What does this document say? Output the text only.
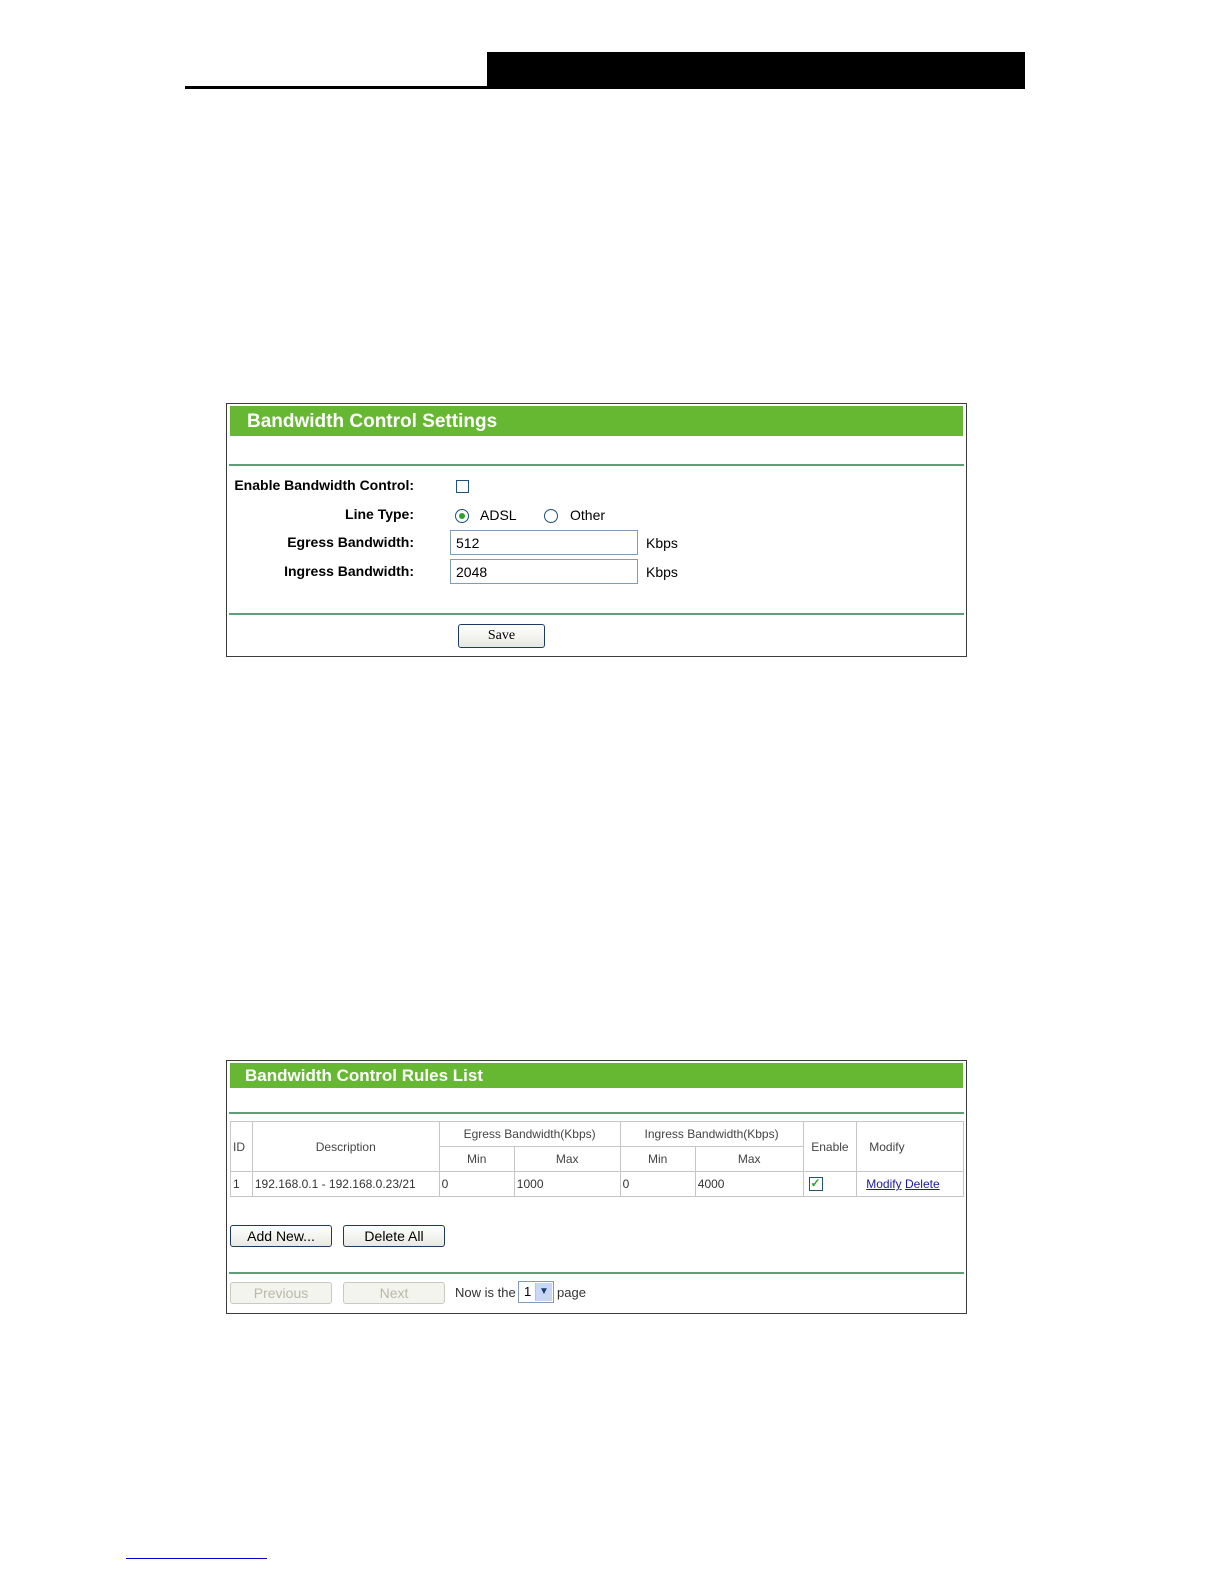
Bandwidth Control Settings
Enable Bandwidth Control:
Line Type:	ADSL	Other
Egress Bandwidth:	512	Kbps
Ingress Bandwidth:	2048	Kbps
Save
Bandwidth Control Rules List
ID	Description	Egress Bandwidth(Kbps)		Ingress Bandwidth(Kbps)		Enable	Modify
		Min	Max	Min	Max		
1	192.168.0.1 - 192.168.0.23/21	0	1000	0	4000	✓	Modify Delete
Add New...	Delete All
Previous	Next	Now is the 1 ▼ page
